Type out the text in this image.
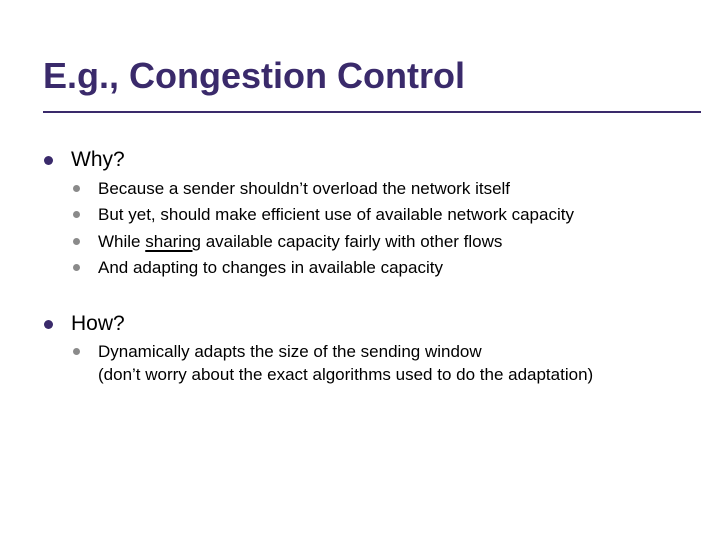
E.g., Congestion Control
Why?
Because a sender shouldn’t overload the network itself
But yet, should make efficient use of available network capacity
While sharing available capacity fairly with other flows
And adapting to changes in available capacity
How?
Dynamically adapts the size of the sending window
(don’t worry about the exact algorithms used to do the adaptation)
